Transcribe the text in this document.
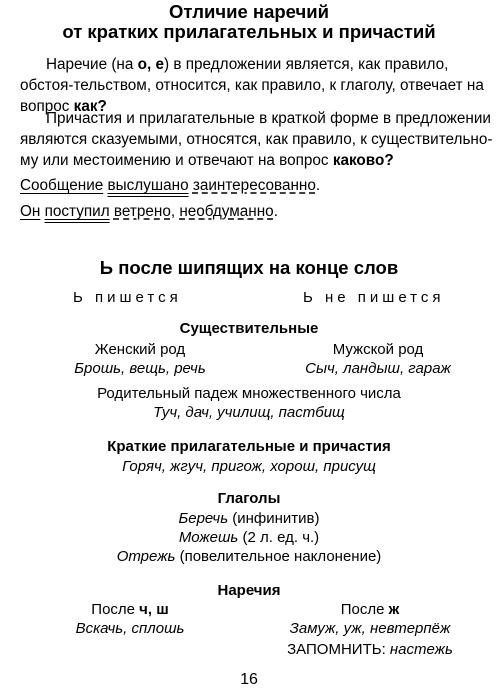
Отличие наречий
от кратких прилагательных и причастий

Наречие (на о, е) в предложении является, как правило, обстоя-тельством, относится, как правило, к глаголу, отвечает на вопрос как?

Причастия и прилагательные в краткой форме в предложении являются сказуемыми, относятся, как правило, к существительно-му или местоимению и отвечают на вопрос каково?

Сообщение выслушано заинтересованно.
Он поступил ветрено, необдуманно.
Ь после шипящих на конце слов
Ь пишется	Ь не пишется
Существительные
Женский род
Брошь, вещь, речь
Мужской род
Сыч, ландыш, гараж
Родительный падеж множественного числа
Туч, дач, училищ, пастбищ
Краткие прилагательные и причастия
Горяч, жгуч, пригож, хорош, присущ
Глаголы
Беречь (инфинитив)
Можешь (2 л. ед. ч.)
Отрежь (повелительное наклонение)
Наречия
После ч, ш
Вскачь, сплошь
После ж
Замуж, уж, невтерпёж
ЗАПОМНИТЬ: настежь
16
